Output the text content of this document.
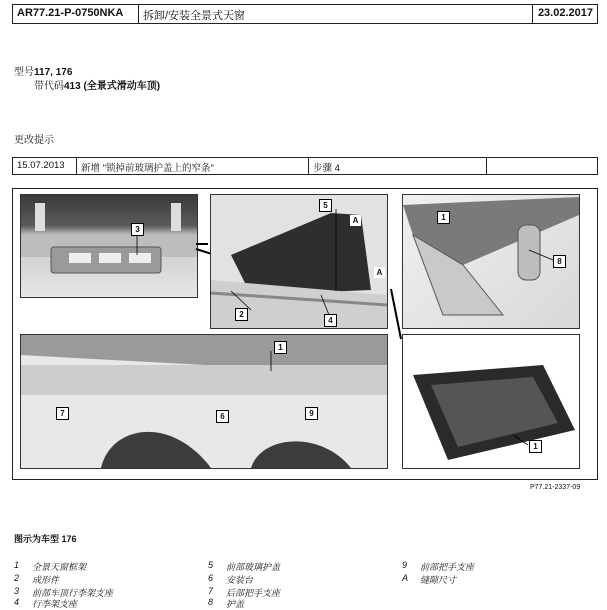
AR77.21-P-0750NKA	拆卸/安装全景式天窗	23.02.2017
型号117, 176
带代码413 (全景式滑动车顶)
更改提示
15.07.2013	新增 "锁掉前玻璃护盖上的窄条"	步骤 4
3
5
A
A
2
4
1
8
1
7	6	9
1
P77.21-2337-09
图示为车型 176
1 全景天窗框架
2 成形件
3 前部车顶行李架支座
4 行李架支座
5 前部玻璃护盖
6 安装台
7 后部把手支座
8 护盖
9 前部把手支座
A 缝隙尺寸
